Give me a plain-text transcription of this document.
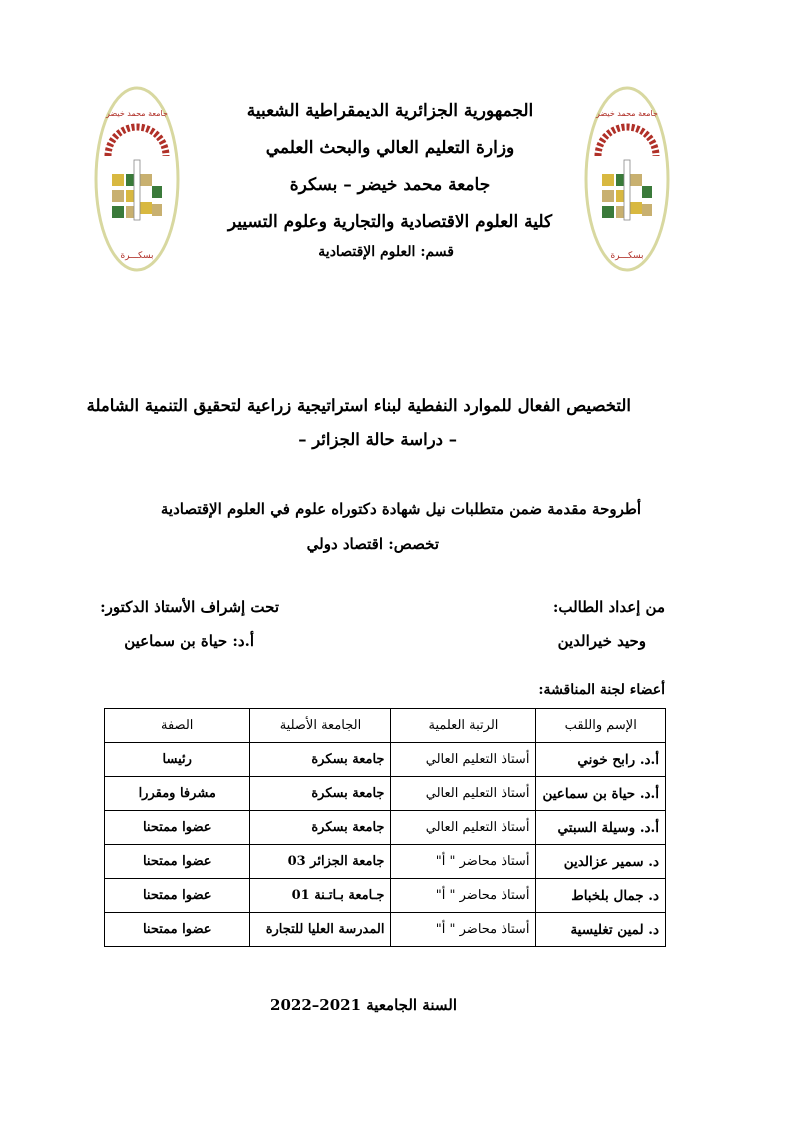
جامعة محمد خيضر
بسكـــرة
جامعة محمد خيضر
بسكـــرة
الجمهورية الجزائرية الديمقراطية الشعبية
وزارة التعليم العالي والبحث العلمي
جامعة محمد خيضر – بسكرة
كلية العلوم الاقتصادية والتجارية وعلوم التسيير
قسم: العلوم الإقتصادية
التخصيص الفعال للموارد النفطية لبناء استراتيجية زراعية لتحقيق التنمية الشاملة
– دراسة حالة الجزائر –
أطروحة مقدمة ضمن متطلبات نيل شهادة دكتوراه علوم في العلوم الإقتصادية
تخصص: اقتصاد دولي
من إعداد الطالب:
وحيد خيرالدين
تحت إشراف الأستاذ الدكتور:
أ.د: حياة بن سماعين
أعضاء لجنة المناقشة:
الإسم واللقب	الرتبة العلمية	الجامعة الأصلية	الصفة
أ.د. رابح خوني	أستاذ التعليم العالي	جامعة بسكرة	رئيسا
أ.د. حياة بن سماعين	أستاذ التعليم العالي	جامعة بسكرة	مشرفا ومقررا
أ.د. وسيلة السبتي	أستاذ التعليم العالي	جامعة بسكرة	عضوا ممتحنا
د. سمير عزالدين	أستاذ محاضر " أ"	جامعة الجزائر 03	عضوا ممتحنا
د. جمال بلخباط	أستاذ محاضر " أ"	جـامعة بـاتـنة 01	عضوا ممتحنا
د. لمين تغليسية	أستاذ محاضر " أ"	المدرسة العليا للتجارة	عضوا ممتحنا
السنة الجامعية 2021–2022
